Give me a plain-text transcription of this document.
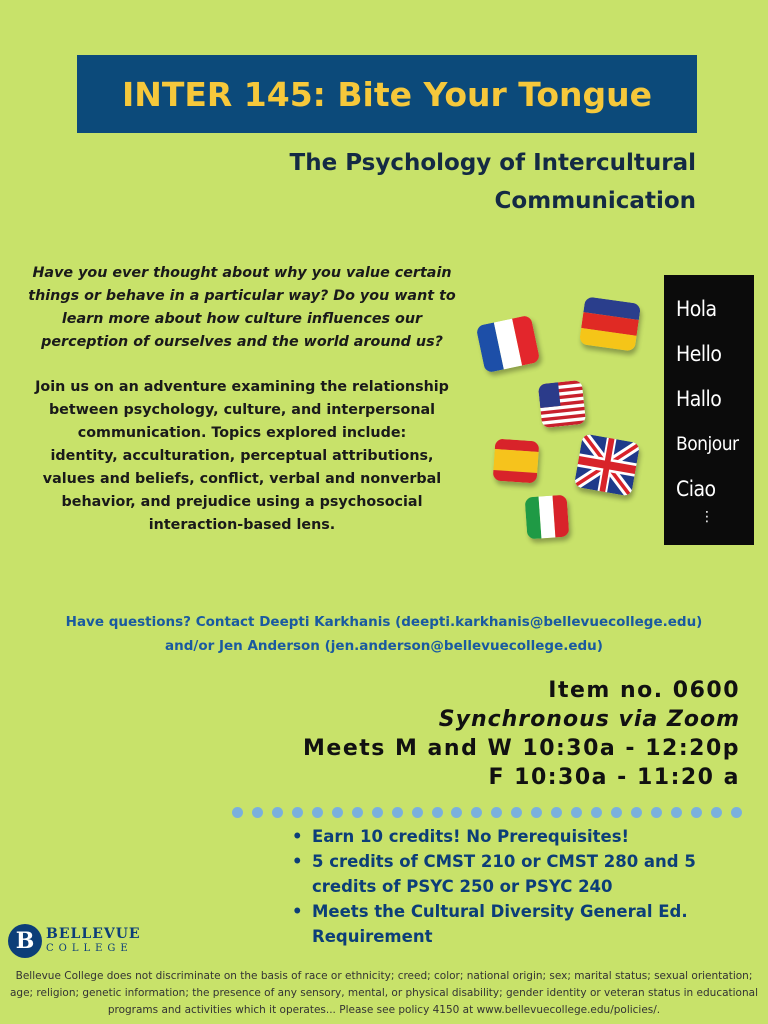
INTER 145: Bite Your Tongue
The Psychology of Intercultural
Communication
Have you ever thought about why you value certain
things or behave in a particular way? Do you want to
learn more about how culture influences our
perception of ourselves and the world around us?
Join us on an adventure examining the relationship
between psychology, culture, and interpersonal
communication. Topics explored include:
identity, acculturation, perceptual attributions,
values and beliefs, conflict, verbal and nonverbal
behavior, and prejudice using a psychosocial
interaction-based lens.
Hola
Hello
Hallo
Bonjour
Ciao
⋮
Have questions? Contact Deepti Karkhanis (deepti.karkhanis@bellevuecollege.edu)
and/or Jen Anderson (jen.anderson@bellevuecollege.edu)
Item no. 0600
Synchronous via Zoom
Meets M and W 10:30a - 12:20p
F 10:30a - 11:20 a
• Earn 10 credits! No Prerequisites!
• 5 credits of CMST 210 or CMST 280 and 5 credits of PSYC 250 or PSYC 240
• Meets the Cultural Diversity General Ed. Requirement
B BELLEVUE
COLLEGE
Bellevue College does not discriminate on the basis of race or ethnicity; creed; color; national origin; sex; marital status; sexual orientation; age; religion; genetic information; the presence of any sensory, mental, or physical disability; gender identity or veteran status in educational programs and activities which it operates... Please see policy 4150 at www.bellevuecollege.edu/policies/.
